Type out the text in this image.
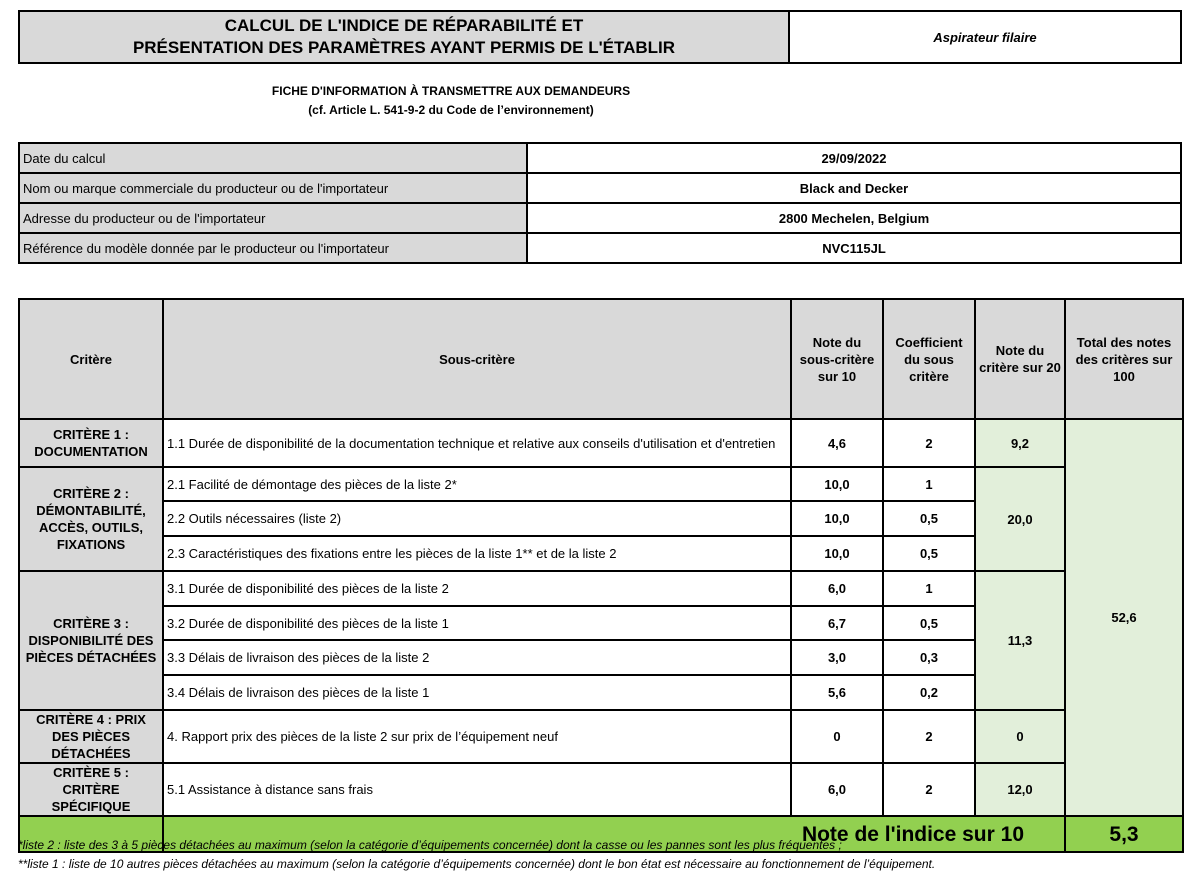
CALCUL DE L'INDICE DE RÉPARABILITÉ ET
PRÉSENTATION DES PARAMÈTRES AYANT PERMIS DE L'ÉTABLIR
Aspirateur filaire
FICHE D'INFORMATION À TRANSMETTRE AUX DEMANDEURS
(cf. Article L. 541-9-2 du Code de l’environnement)
Date du calcul	29/09/2022
Nom ou marque commerciale du producteur ou de l'importateur	Black and Decker
Adresse du producteur ou de l'importateur	2800 Mechelen, Belgium
Référence du modèle donnée par le producteur ou l'importateur	NVC115JL
Critère	Sous-critère	Note du sous-critère sur 10	Coefficient du sous critère	Note du critère sur 20	Total des notes des critères sur 100
CRITÈRE 1 : DOCUMENTATION	1.1 Durée de disponibilité de la documentation technique et relative aux conseils d'utilisation et d'entretien	4,6	2	9,2	52,6
CRITÈRE 2 : DÉMONTABILITÉ, ACCÈS, OUTILS, FIXATIONS	2.1 Facilité de démontage des pièces de la liste 2*	10,0	1	20,0	
	2.2 Outils nécessaires (liste 2)	10,0	0,5		
	2.3 Caractéristiques des fixations entre les pièces de la liste 1** et de la liste 2	10,0	0,5		
CRITÈRE 3 : DISPONIBILITÉ DES PIÈCES DÉTACHÉES	3.1 Durée de disponibilité des pièces de la liste 2	6,0	1	11,3	
	3.2 Durée de disponibilité des pièces de la liste 1	6,7	0,5		
	3.3 Délais de livraison des pièces de la liste 2	3,0	0,3		
	3.4 Délais de livraison des pièces de la liste 1	5,6	0,2		
CRITÈRE 4 : PRIX DES PIÈCES DÉTACHÉES	4. Rapport prix des pièces de la liste 2 sur prix de l’équipement neuf	0	2	0	
CRITÈRE 5 : CRITÈRE SPÉCIFIQUE	5.1 Assistance à distance sans frais	6,0	2	12,0	
	Note de l'indice sur 10				5,3
*liste 2 : liste des 3 à 5 pièces détachées au maximum (selon la catégorie d’équipements concernée) dont la casse ou les pannes sont les plus fréquentes ;
**liste 1 : liste de 10 autres pièces détachées au maximum (selon la catégorie d’équipements concernée) dont le bon état est nécessaire au fonctionnement de l’équipement.
